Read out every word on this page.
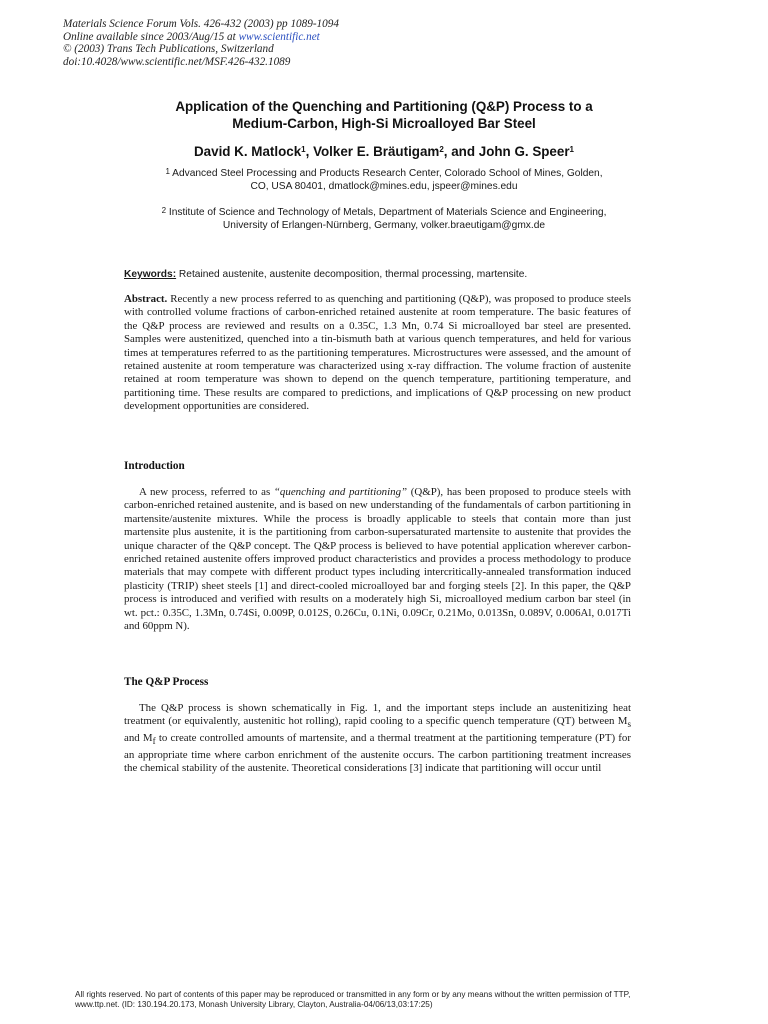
Materials Science Forum Vols. 426-432 (2003) pp 1089-1094
Online available since 2003/Aug/15 at www.scientific.net
© (2003) Trans Tech Publications, Switzerland
doi:10.4028/www.scientific.net/MSF.426-432.1089
Application of the Quenching and Partitioning (Q&P) Process to a
Medium-Carbon, High-Si Microalloyed Bar Steel
David K. Matlock$^1$, Volker E. Bräutigam$^2$, and John G. Speer$^1$
$^1$ Advanced Steel Processing and Products Research Center, Colorado School of Mines, Golden,
CO, USA 80401, dmatlock@mines.edu, jspeer@mines.edu
$^2$ Institute of Science and Technology of Metals, Department of Materials Science and Engineering,
University of Erlangen-Nürnberg, Germany, volker.braeutigam@gmx.de
Keywords: Retained austenite, austenite decomposition, thermal processing, martensite.
Abstract. Recently a new process referred to as quenching and partitioning (Q&P), was proposed to produce steels with controlled volume fractions of carbon-enriched retained austenite at room temperature. The basic features of the Q&P process are reviewed and results on a 0.35C, 1.3 Mn, 0.74 Si microalloyed bar steel are presented. Samples were austenitized, quenched into a tin-bismuth bath at various quench temperatures, and held for various times at temperatures referred to as the partitioning temperatures. Microstructures were assessed, and the amount of retained austenite at room temperature was characterized using x-ray diffraction. The volume fraction of austenite retained at room temperature was shown to depend on the quench temperature, partitioning temperature, and partitioning time. These results are compared to predictions, and implications of Q&P processing on new product development opportunities are considered.
Introduction
A new process, referred to as “quenching and partitioning” (Q&P), has been proposed to produce steels with carbon-enriched retained austenite, and is based on new understanding of the fundamentals of carbon partitioning in martensite/austenite mixtures. While the process is broadly applicable to steels that contain more than just martensite plus austenite, it is the partitioning from carbon-supersaturated martensite to austenite that provides the unique character of the Q&P concept. The Q&P process is believed to have potential application wherever carbon-enriched retained austenite offers improved product characteristics and provides a process methodology to produce materials that may compete with different product types including intercritically-annealed transformation induced plasticity (TRIP) sheet steels [1] and direct-cooled microalloyed bar and forging steels [2]. In this paper, the Q&P process is introduced and verified with results on a moderately high Si, microalloyed medium carbon bar steel (in wt. pct.: 0.35C, 1.3Mn, 0.74Si, 0.009P, 0.012S, 0.26Cu, 0.1Ni, 0.09Cr, 0.21Mo, 0.013Sn, 0.089V, 0.006Al, 0.017Ti and 60ppm N).
The Q&P Process
The Q&P process is shown schematically in Fig. 1, and the important steps include an austenitizing heat treatment (or equivalently, austenitic hot rolling), rapid cooling to a specific quench temperature (QT) between $M_s$ and $M_f$ to create controlled amounts of martensite, and a thermal treatment at the partitioning temperature (PT) for an appropriate time where carbon enrichment of the austenite occurs. The carbon partitioning treatment increases the chemical stability of the austenite. Theoretical considerations [3] indicate that partitioning will occur until
All rights reserved. No part of contents of this paper may be reproduced or transmitted in any form or by any means without the written permission of TTP,
www.ttp.net. (ID: 130.194.20.173, Monash University Library, Clayton, Australia-04/06/13,03:17:25)
